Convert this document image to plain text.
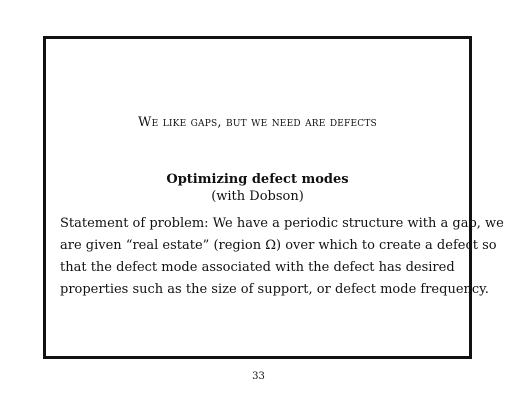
We like gaps, but we need are defects
Optimizing defect modes
(with Dobson)
Statement of problem: We have a periodic structure with a gap, we
are given “real estate” (region Ω) over which to create a defect so
that the defect mode associated with the defect has desired
properties such as the size of support, or defect mode frequency.
33
